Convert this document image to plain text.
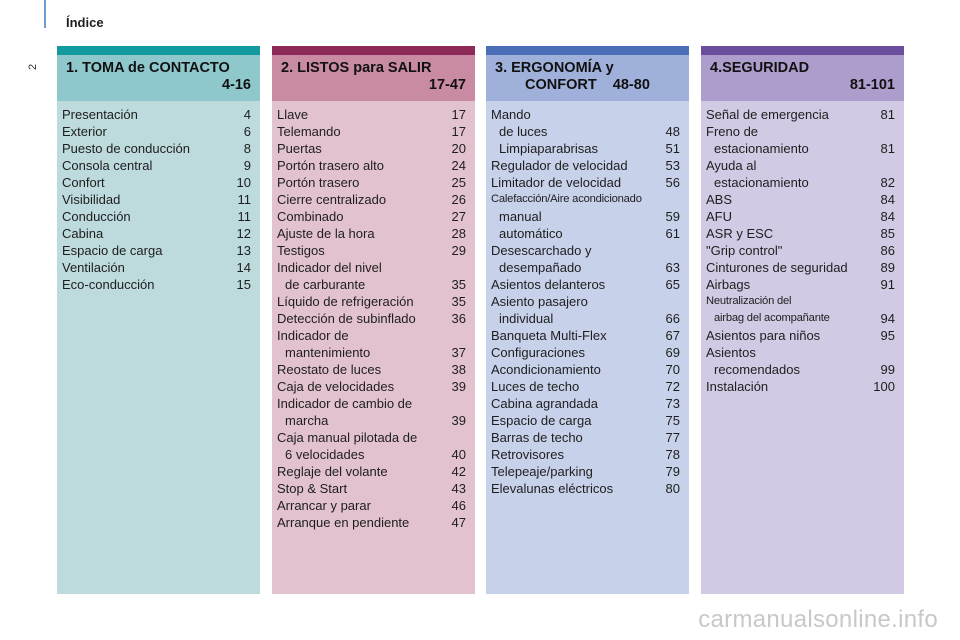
Índice
2 1. TOMA de CONTACTO
4-16
Presentación	4
Exterior	6
Puesto de conducción	8
Consola central	9
Confort	10
Visibilidad	11
Conducción	11
Cabina	12
Espacio de carga	13
Ventilación	14
Eco-conducción	15
2. LISTOS para SALIR
17-47
Llave	17
Telemando	17
Puertas	20
Portón trasero alto	24
Portón trasero	25
Cierre centralizado	26
Combinado	27
Ajuste de la hora	28
Testigos	29
Indicador del nivel
de carburante	35
Líquido de refrigeración	35
Detección de subinflado	36
Indicador de
mantenimiento	37
Reostato de luces	38
Caja de velocidades	39
Indicador de cambio de
marcha	39
Caja manual pilotada de
6 velocidades	40
Reglaje del volante	42
Stop & Start	43
Arrancar y parar	46
Arranque en pendiente	47
3. ERGONOMÍA y
CONFORT    48-80
Mando
de luces	48
Limpiaparabrisas	51
Regulador de velocidad	53
Limitador de velocidad	56
Calefacción/Aire acondicionado
manual	59
automático	61
Desescarchado y
desempañado	63
Asientos delanteros	65
Asiento pasajero
individual	66
Banqueta Multi-Flex	67
Configuraciones	69
Acondicionamiento	70
Luces de techo	72
Cabina agrandada	73
Espacio de carga	75
Barras de techo	77
Retrovisores	78
Telepeaje/parking	79
Elevalunas eléctricos	80
4.SEGURIDAD
81-101
Señal de emergencia	81
Freno de
estacionamiento	81
Ayuda al
estacionamiento	82
ABS	84
AFU	84
ASR y ESC	85
"Grip control"	86
Cinturones de seguridad	89
Airbags	91
Neutralización del
airbag del acompañante	94
Asientos para niños	95
Asientos
recomendados	99
Instalación	100
carmanualsonline.info
